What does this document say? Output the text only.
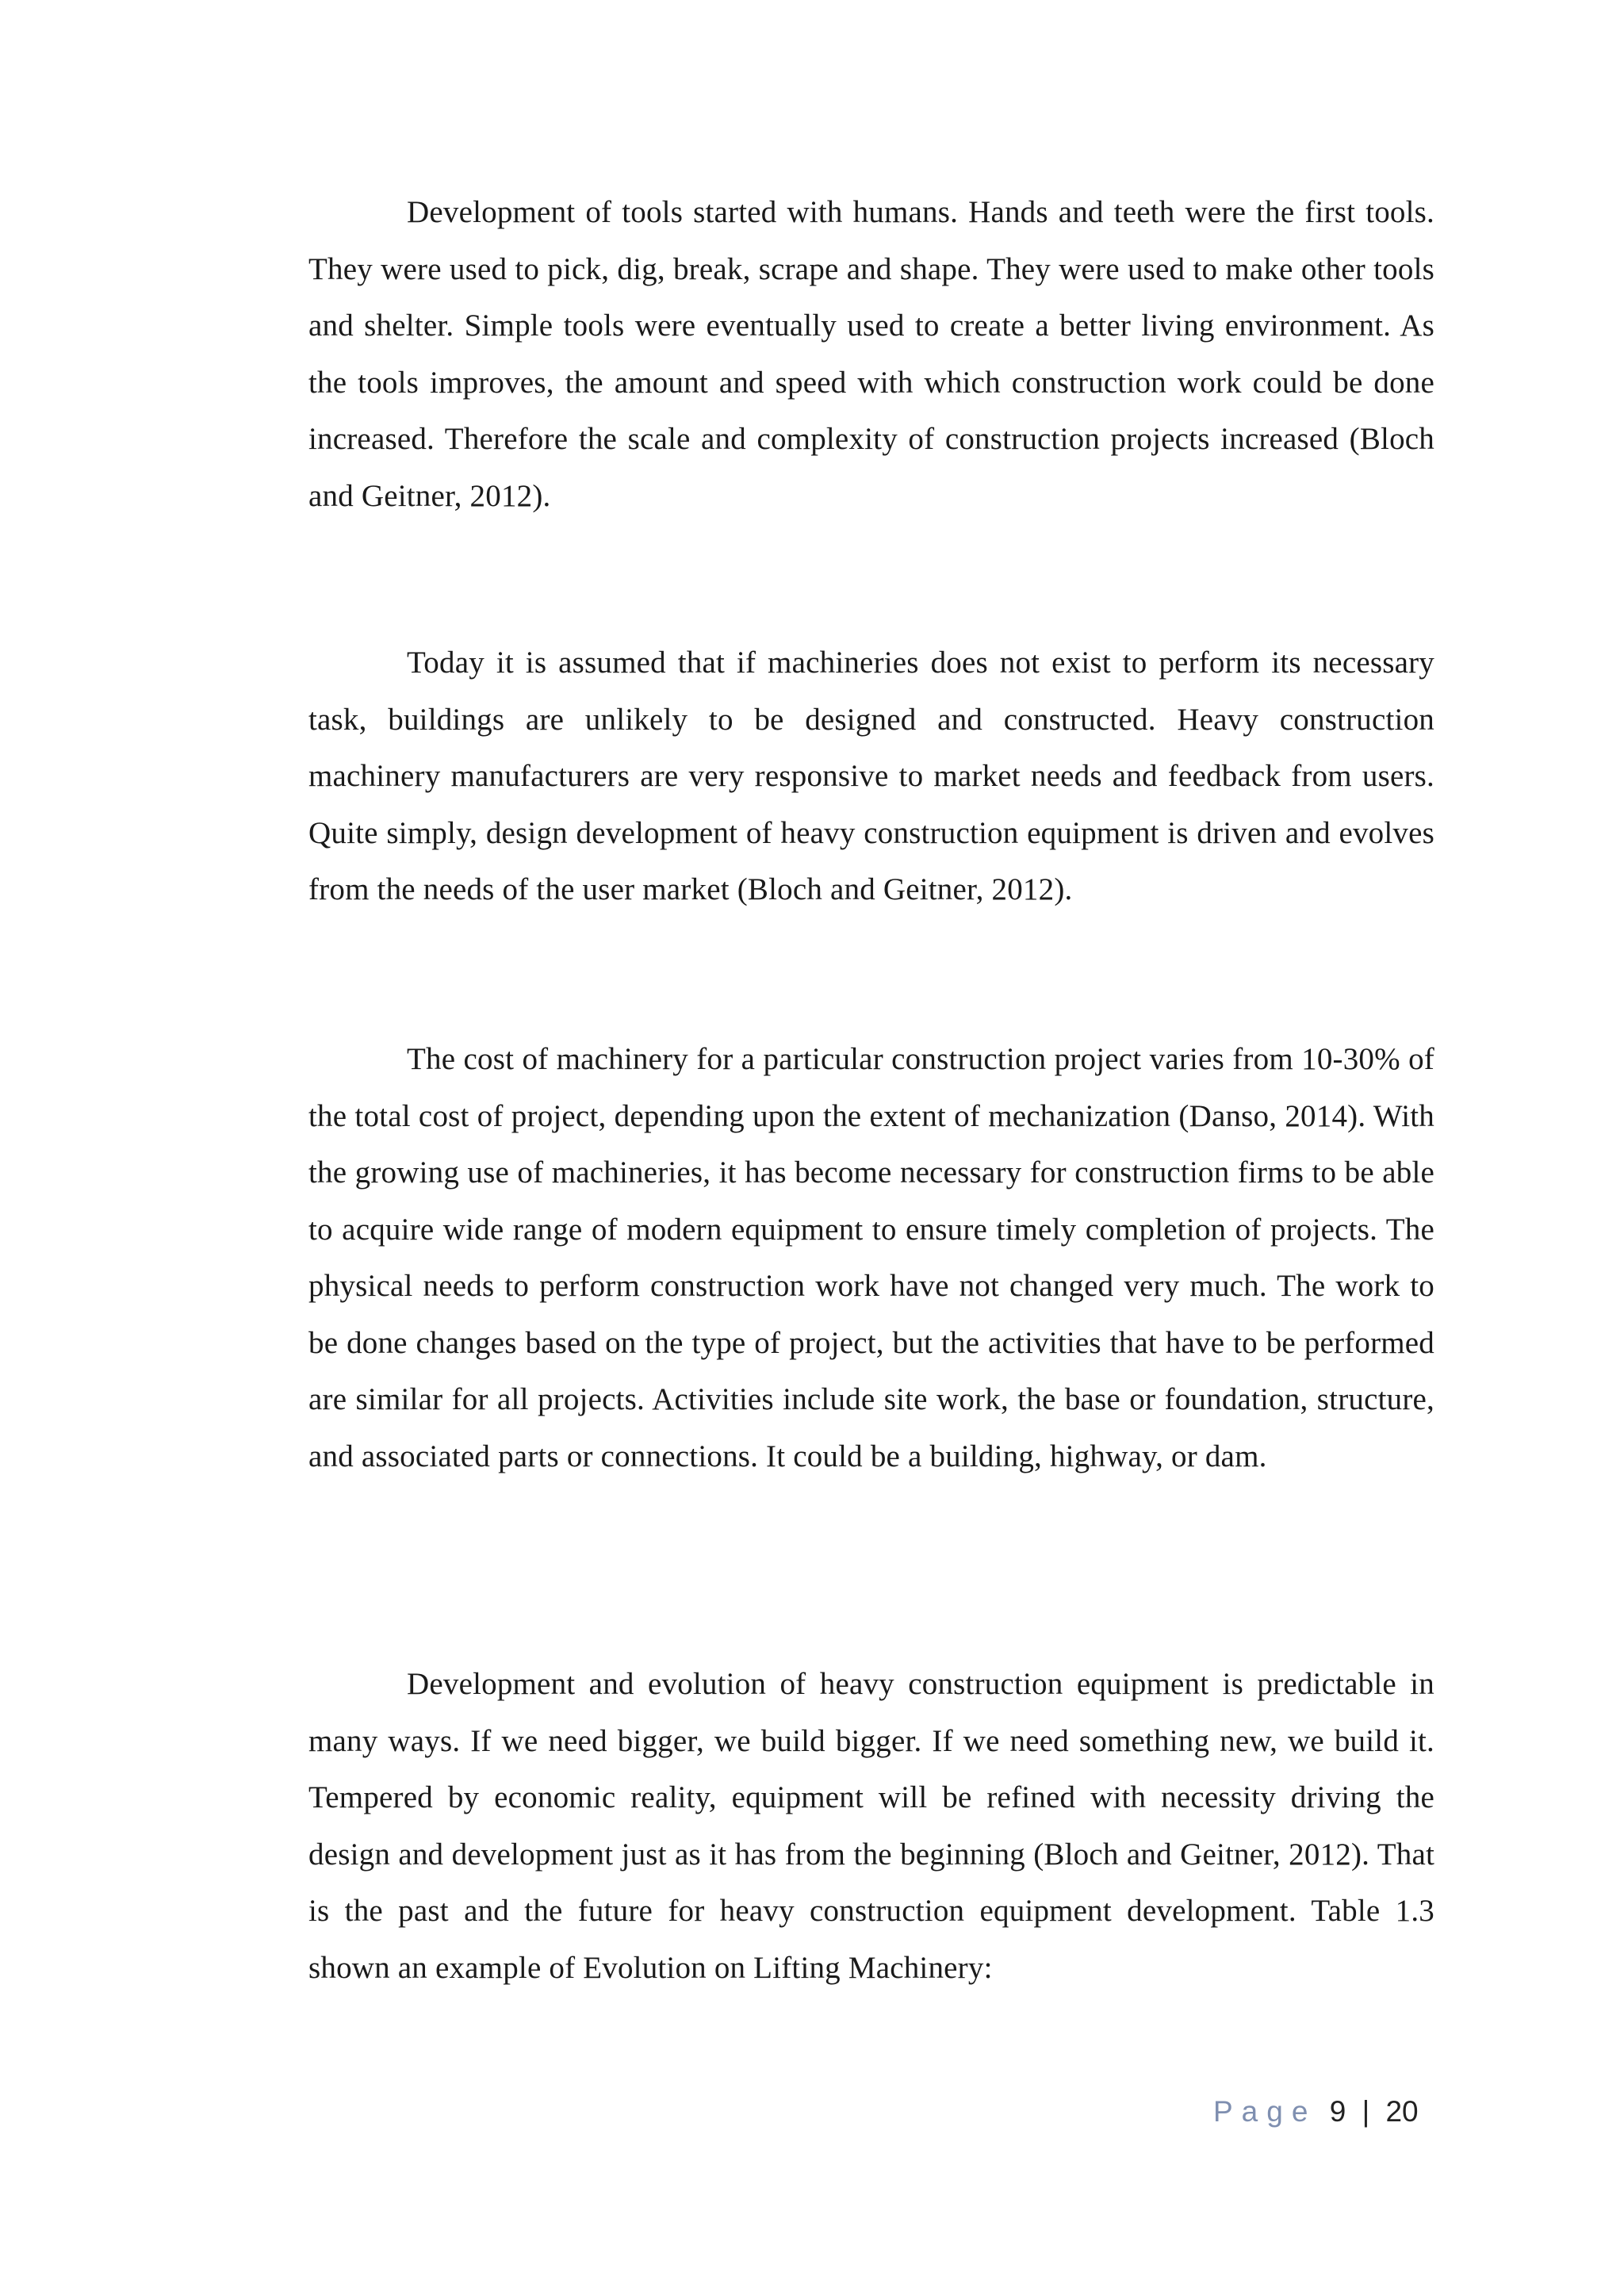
Development of tools started with humans. Hands and teeth were the first tools. They were used to pick, dig, break, scrape and shape. They were used to make other tools and shelter. Simple tools were eventually used to create a better living environment. As the tools improves, the amount and speed with which construction work could be done increased. Therefore the scale and complexity of construction projects increased (Bloch and Geitner, 2012).

Today it is assumed that if machineries does not exist to perform its necessary task, buildings are unlikely to be designed and constructed. Heavy construction machinery manufacturers are very responsive to market needs and feedback from users. Quite simply, design development of heavy construction equipment is driven and evolves from the needs of the user market (Bloch and Geitner, 2012).

The cost of machinery for a particular construction project varies from 10-30% of the total cost of project, depending upon the extent of mechanization (Danso, 2014). With the growing use of machineries, it has become necessary for construction firms to be able to acquire wide range of modern equipment to ensure timely completion of projects. The physical needs to perform construction work have not changed very much. The work to be done changes based on the type of project, but the activities that have to be performed are similar for all projects. Activities include site work, the base or foundation, structure, and associated parts or connections. It could be a building, highway, or dam.

Development and evolution of heavy construction equipment is predictable in many ways. If we need bigger, we build bigger. If we need something new, we build it. Tempered by economic reality, equipment will be refined with necessity driving the design and development just as it has from the beginning (Bloch and Geitner, 2012). That is the past and the future for heavy construction equipment development. Table 1.3 shown an example of Evolution on Lifting Machinery:

Page 9 | 20
